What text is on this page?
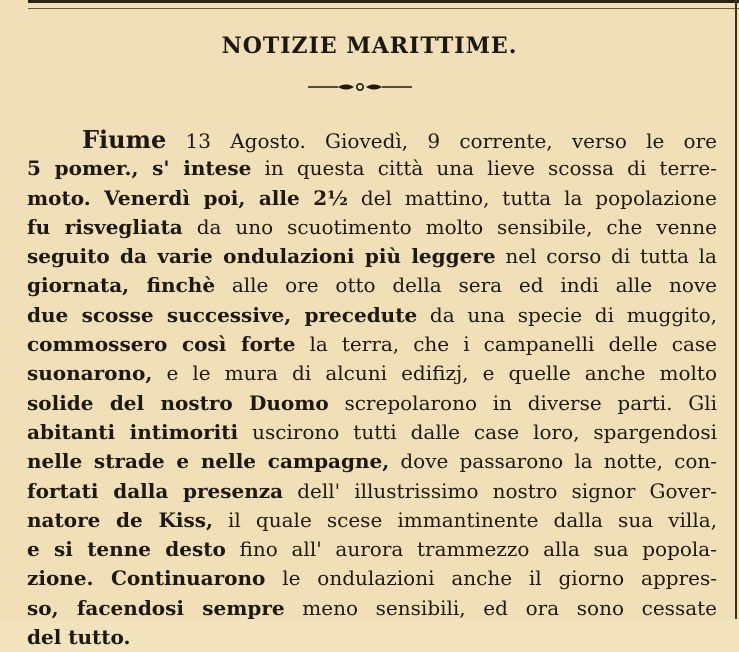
NOTIZIE MARITTIME.
Fiume 13 Agosto. Giovedì, 9 corrente, verso le ore
5 pomer., s' intese in questa città una lieve scossa di terre-
moto. Venerdì poi, alle 2½ del mattino, tutta la popolazione
fu risvegliata da uno scuotimento molto sensibile, che venne
seguito da varie ondulazioni più leggere nel corso di tutta la
giornata, finchè alle ore otto della sera ed indi alle nove
due scosse successive, precedute da una specie di muggito,
commossero così forte la terra, che i campanelli delle case
suonarono, e le mura di alcuni edifizj, e quelle anche molto
solide del nostro Duomo screpolarono in diverse parti. Gli
abitanti intimoriti uscirono tutti dalle case loro, spargendosi
nelle strade e nelle campagne, dove passarono la notte, con-
fortati dalla presenza dell' illustrissimo nostro signor Gover-
natore de Kiss, il quale scese immantinente dalla sua villa,
e si tenne desto fino all' aurora trammezzo alla sua popola-
zione. Continuarono le ondulazioni anche il giorno appres-
so, facendosi sempre meno sensibili, ed ora sono cessate
del tutto.
